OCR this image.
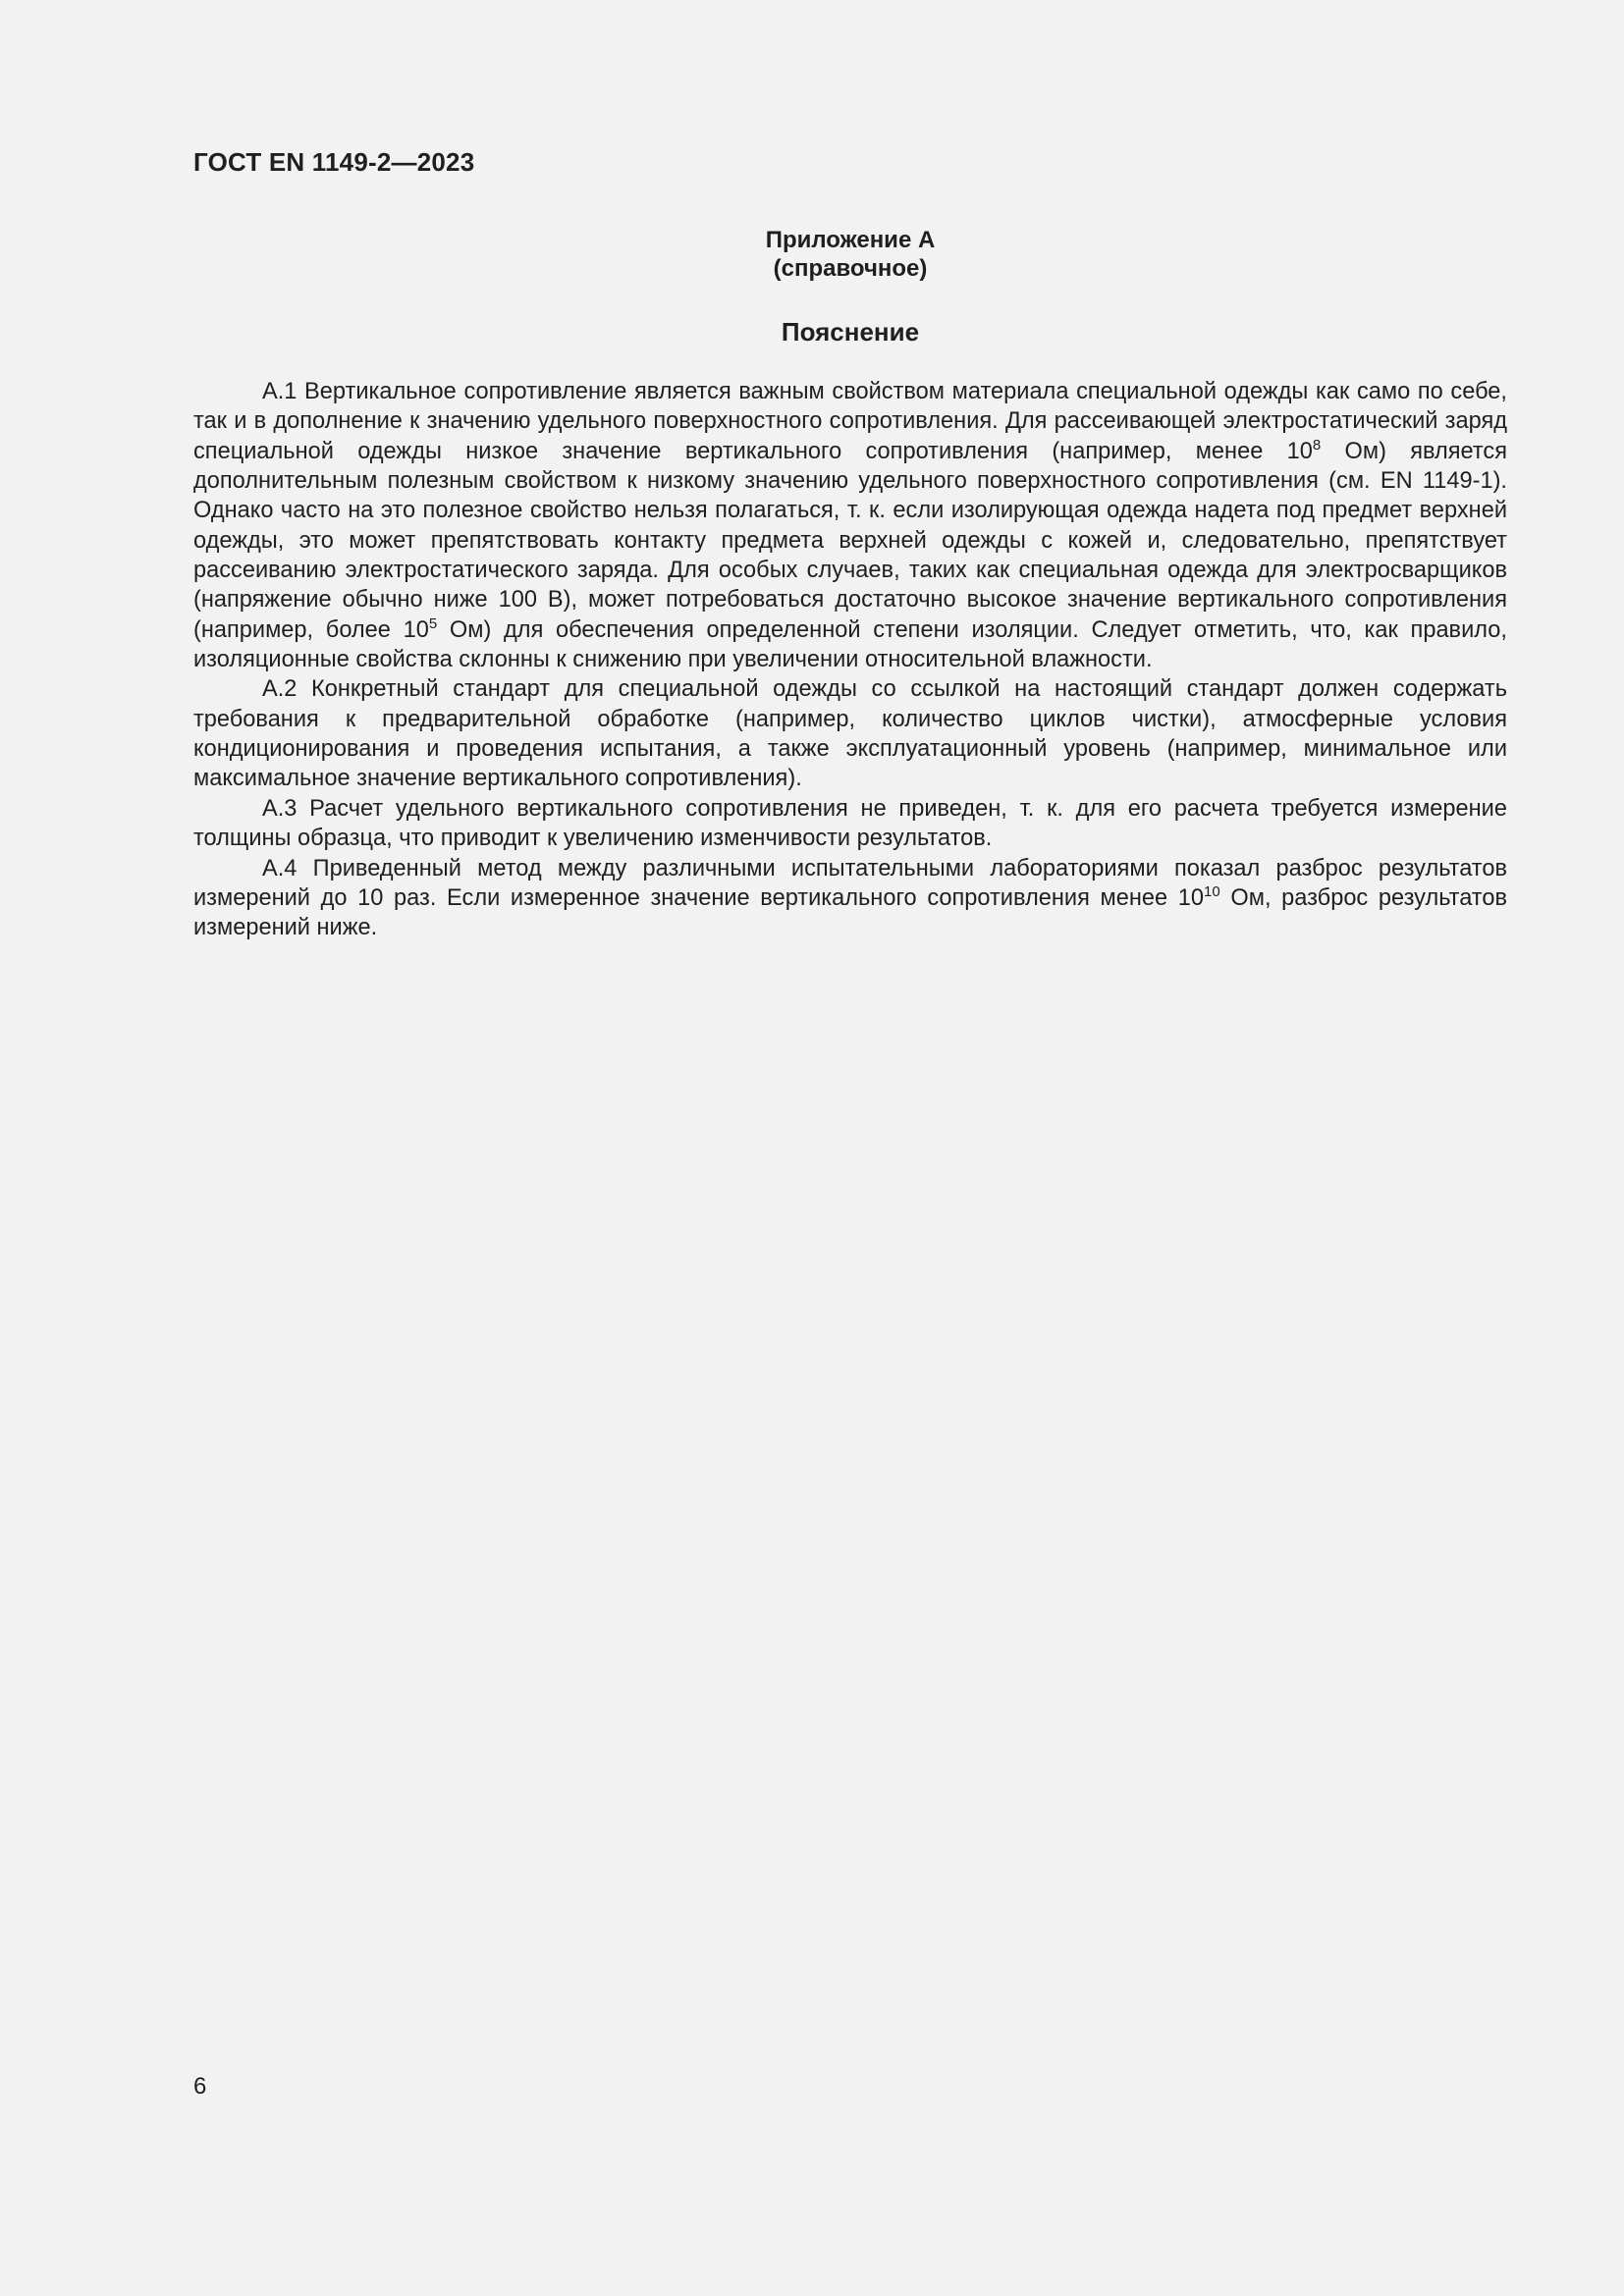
ГОСТ EN 1149-2—2023
Приложение А
(справочное)
Пояснение

А.1 Вертикальное сопротивление является важным свойством материала специальной одежды как само по себе, так и в дополнение к значению удельного поверхностного сопротивления. Для рассеивающей электростатический заряд специальной одежды низкое значение вертикального сопротивления (например, менее $10^8$ Ом) является дополнительным полезным свойством к низкому значению удельного поверхностного сопротивления (см. EN 1149-1). Однако часто на это полезное свойство нельзя полагаться, т. к. если изолирующая одежда надета под предмет верхней одежды, это может препятствовать контакту предмета верхней одежды с кожей и, следовательно, препятствует рассеиванию электростатического заряда. Для особых случаев, таких как специальная одежда для электросварщиков (напряжение обычно ниже 100 В), может потребоваться достаточно высокое значение вертикального сопротивления (например, более $10^5$ Ом) для обеспечения определенной степени изоляции. Следует отметить, что, как правило, изоляционные свойства склонны к снижению при увеличении относительной влажности.

А.2 Конкретный стандарт для специальной одежды со ссылкой на настоящий стандарт должен содержать требования к предварительной обработке (например, количество циклов чистки), атмосферные условия кондиционирования и проведения испытания, а также эксплуатационный уровень (например, минимальное или максимальное значение вертикального сопротивления).

А.3 Расчет удельного вертикального сопротивления не приведен, т. к. для его расчета требуется измерение толщины образца, что приводит к увеличению изменчивости результатов.

А.4 Приведенный метод между различными испытательными лабораториями показал разброс результатов измерений до 10 раз. Если измеренное значение вертикального сопротивления менее $10^{10}$ Ом, разброс результатов измерений ниже.

6
